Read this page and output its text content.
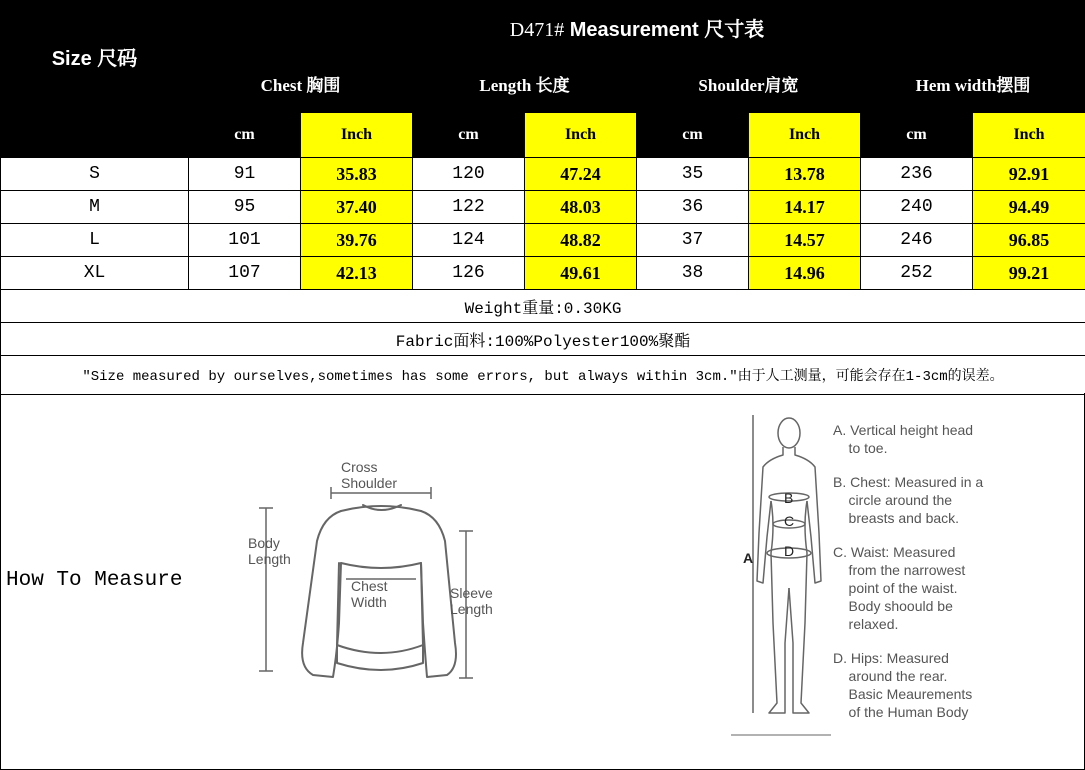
Size 尺码	D471# Measurement 尺寸表							
	Chest 胸围		Length 长度		Shoulder肩宽		Hem width摆围	
	cm	Inch	cm	Inch	cm	Inch	cm	Inch
S	91	35.83	120	47.24	35	13.78	236	92.91
M	95	37.40	122	48.03	36	14.17	240	94.49
L	101	39.76	124	48.82	37	14.57	246	96.85
XL	107	42.13	126	49.61	38	14.96	252	99.21
Weight重量:0.30KG								
Fabric面料:100%Polyester100%聚酯								
"Size measured by ourselves,sometimes has some errors, but always within 3cm."由于人工测量，可能会存在1-3cm的误差。								
How To Measure
Cross
Shoulder
Body
Length
Chest
Width
Sleeve
Length
A
B
C
D
A. Vertical height head
to toe.
B. Chest: Measured in a
circle around the
breasts and back.
C. Waist: Measured
from the narrowest
point of the waist.
Body shoould be
relaxed.
D. Hips: Measured
around the rear.
Basic Meaurements
of the Human Body
